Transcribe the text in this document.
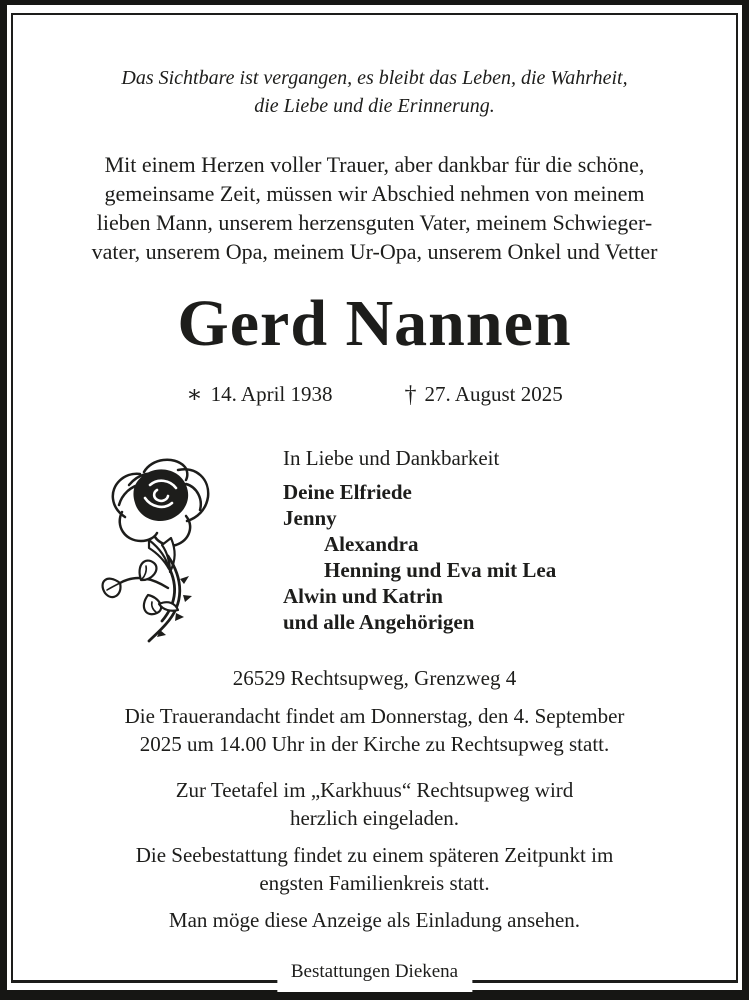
Das Sichtbare ist vergangen, es bleibt das Leben, die Wahrheit,
die Liebe und die Erinnerung.
Mit einem Herzen voller Trauer, aber dankbar für die schöne,
gemeinsame Zeit, müssen wir Abschied nehmen von meinem
lieben Mann, unserem herzensguten Vater, meinem Schwieger-
vater, unserem Opa, meinem Ur-Opa, unserem Onkel und Vetter
Gerd Nannen
∗ 14. April 1938	† 27. August 2025
In Liebe und Dankbarkeit
Deine Elfriede
Jenny
Alexandra
Henning und Eva mit Lea
Alwin und Katrin
und alle Angehörigen
26529 Rechtsupweg, Grenzweg 4
Die Trauerandacht findet am Donnerstag, den 4. September
2025 um 14.00 Uhr in der Kirche zu Rechtsupweg statt.
Zur Teetafel im „Karkhuus“ Rechtsupweg wird
herzlich eingeladen.
Die Seebestattung findet zu einem späteren Zeitpunkt im
engsten Familienkreis statt.
Man möge diese Anzeige als Einladung ansehen.
Bestattungen Diekena
